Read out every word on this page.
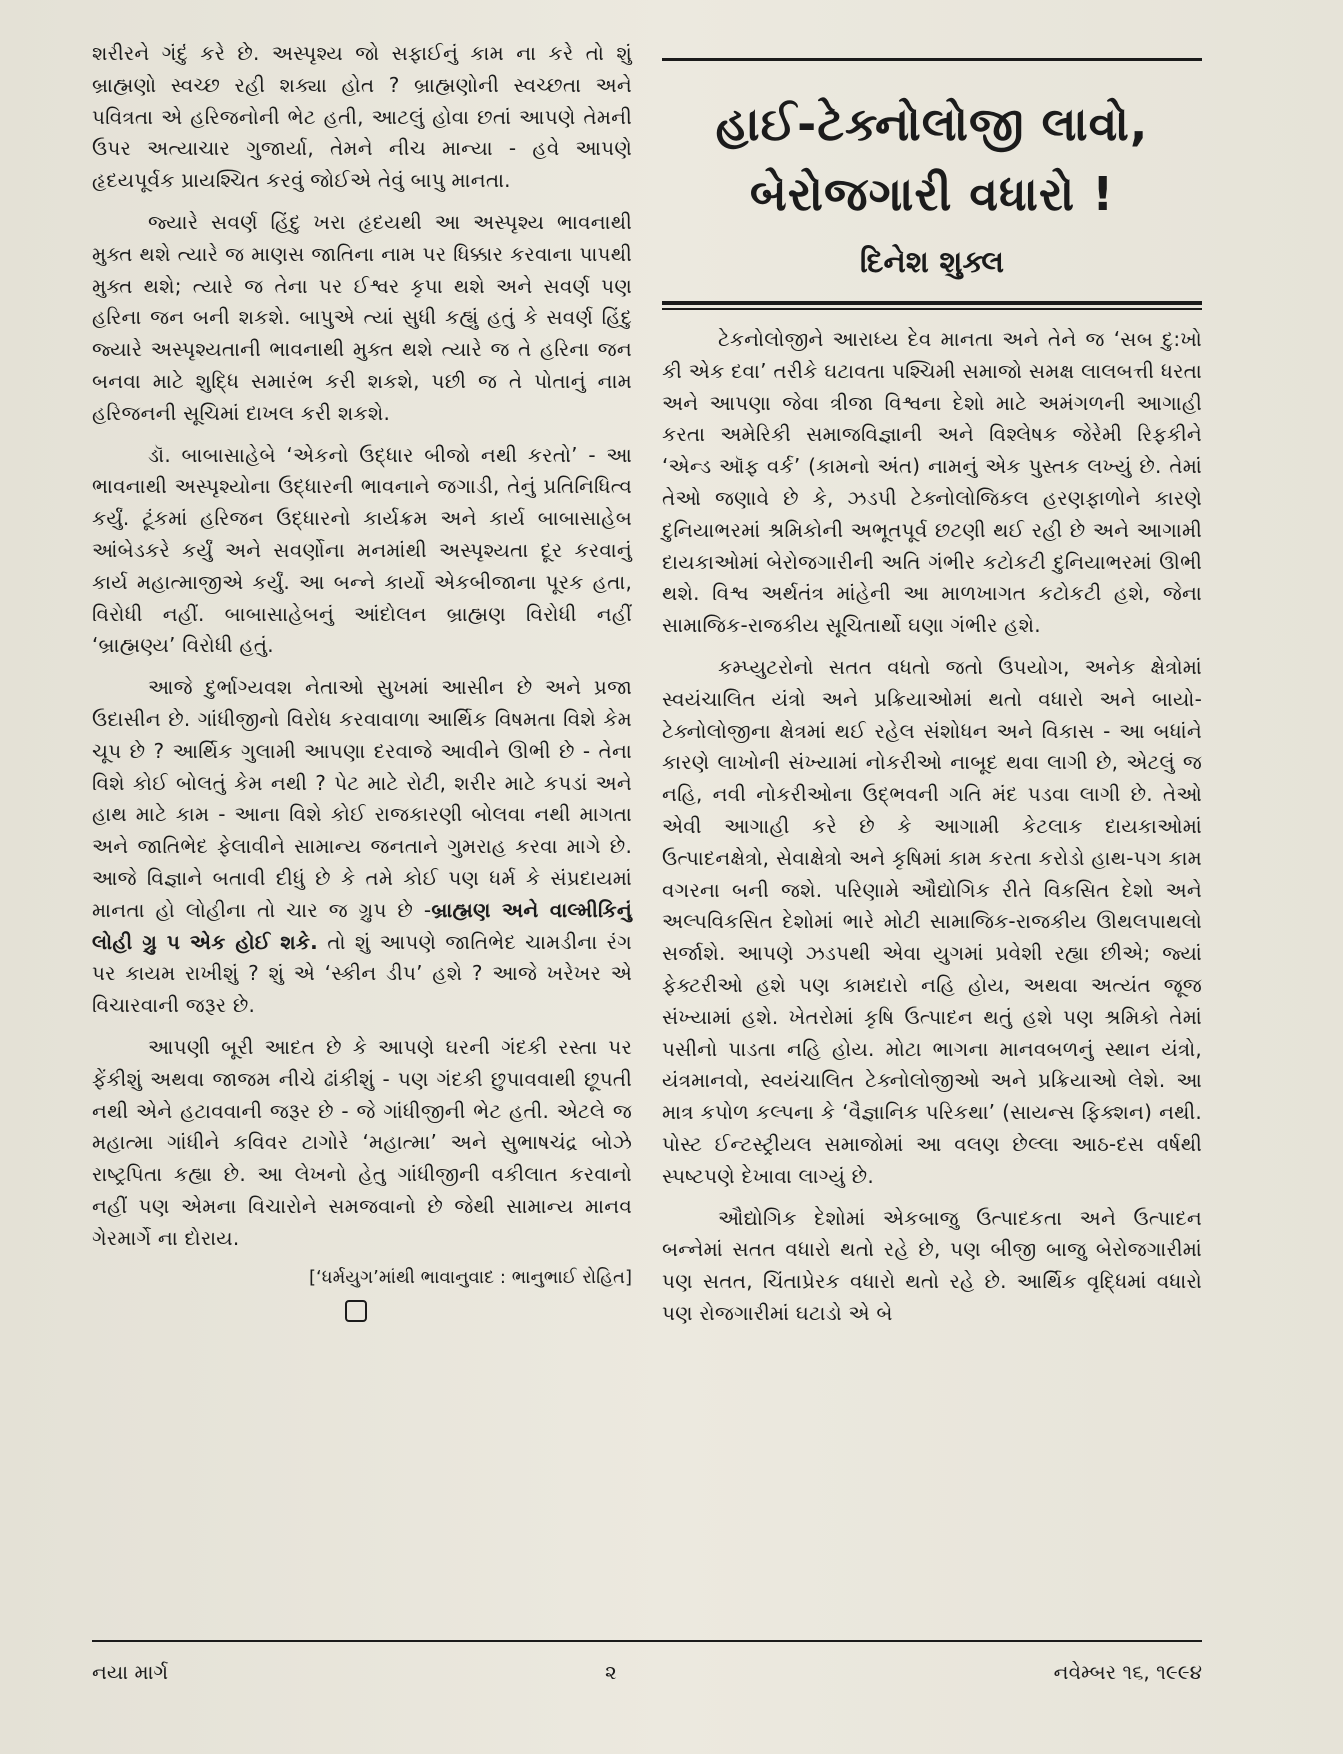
શરીરને ગંદું કરે છે. અસ્પૃશ્ય જો સફાઈનું કામ ના કરે તો શું બ્રાહ્મણો સ્વચ્છ રહી શક્યા હોત ? બ્રાહ્મણોની સ્વચ્છતા અને પવિત્રતા એ હરિજનોની ભેટ હતી, આટલું હોવા છતાં આપણે તેમની ઉપર અત્યાચાર ગુજાર્યા, તેમને નીચ માન્યા - હવે આપણે હૃદયપૂર્વક પ્રાયશ્ચિત કરવું જોઈએ તેવું બાપુ માનતા.

જ્યારે સવર્ણ હિંદુ ખરા હૃદયથી આ અસ્પૃશ્ય ભાવનાથી મુક્ત થશે ત્યારે જ માણસ જાતિના નામ પર ધિક્કાર કરવાના પાપથી મુક્ત થશે; ત્યારે જ તેના પર ઈશ્વર કૃપા થશે અને સવર્ણ પણ હરિના જન બની શકશે. બાપુએ ત્યાં સુધી કહ્યું હતું કે સવર્ણ હિંદુ જ્યારે અસ્પૃશ્યતાની ભાવનાથી મુક્ત થશે ત્યારે જ તે હરિના જન બનવા માટે શુદ્ધિ સમારંભ કરી શકશે, પછી જ તે પોતાનું નામ હરિજનની સૂચિમાં દાખલ કરી શકશે.

ડૉ. બાબાસાહેબે ‘એકનો ઉદ્ધાર બીજો નથી કરતો’ - આ ભાવનાથી અસ્પૃશ્યોના ઉદ્ધારની ભાવનાને જગાડી, તેનું પ્રતિનિધિત્વ કર્યું. ટૂંકમાં હરિજન ઉદ્ધારનો કાર્યક્રમ અને કાર્ય બાબાસાહેબ આંબેડકરે કર્યું અને સવર્ણોના મનમાંથી અસ્પૃશ્યતા દૂર કરવાનું કાર્ય મહાત્માજીએ કર્યું. આ બન્ને કાર્યો એકબીજાના પૂરક હતા, વિરોધી નહીં. બાબાસાહેબનું આંદોલન બ્રાહ્મણ વિરોધી નહીં ‘બ્રાહ્મણ્ય’ વિરોધી હતું.

આજે દુર્ભાગ્યવશ નેતાઓ સુખમાં આસીન છે અને પ્રજા ઉદાસીન છે. ગાંધીજીનો વિરોધ કરવાવાળા આર્થિક વિષમતા વિશે કેમ ચૂપ છે ? આર્થિક ગુલામી આપણા દરવાજે આવીને ઊભી છે - તેના વિશે કોઈ બોલતું કેમ નથી ? પેટ માટે રોટી, શરીર માટે કપડાં અને હાથ માટે કામ - આના વિશે કોઈ રાજકારણી બોલવા નથી માગતા અને જાતિભેદ ફેલાવીને સામાન્ય જનતાને ગુમરાહ કરવા માગે છે. આજે વિજ્ઞાને બતાવી દીધું છે કે તમે કોઈ પણ ધર્મ કે સંપ્રદાયમાં માનતા હો લોહીના તો ચાર જ ગ્રુપ છે -બ્રાહ્મણ અને વાલ્મીકિનું લોહી ગ્રુ પ એક હોઈ શકે. તો શું આપણે જાતિભેદ ચામડીના રંગ પર કાયમ રાખીશું ? શું એ ‘સ્કીન ડીપ’ હશે ? આજે ખરેખર એ વિચારવાની જરૂર છે.

આપણી બૂરી આદત છે કે આપણે ઘરની ગંદકી રસ્તા પર ફેંકીશું અથવા જાજમ નીચે ઢાંકીશું - પણ ગંદકી છુપાવવાથી છૂપતી નથી એને હટાવવાની જરૂર છે - જે ગાંધીજીની ભેટ હતી. એટલે જ મહાત્મા ગાંધીને કવિવર ટાગોરે ‘મહાત્મા’ અને સુભાષચંદ્ર બોઝે રાષ્ટ્રપિતા કહ્યા છે. આ લેખનો હેતુ ગાંધીજીની વકીલાત કરવાનો નહીં પણ એમના વિચારોને સમજવાનો છે જેથી સામાન્ય માનવ ગેરમાર્ગે ના દોરાય.

[‘ધર્મયુગ’માંથી ભાવાનુવાદ : ભાનુભાઈ રોહિત]
હાઈ-ટેક્નોલોજી લાવો,
બેરોજગારી વધારો !
દિનેશ શુક્લ

ટેકનોલોજીને આરાધ્ય દેવ માનતા અને તેને જ ‘સબ દુ:ખો કી એક દવા’ તરીકે ઘટાવતા પશ્ચિમી સમાજો સમક્ષ લાલબત્તી ધરતા અને આપણા જેવા ત્રીજા વિશ્વના દેશો માટે અમંગળની આગાહી કરતા અમેરિકી સમાજવિજ્ઞાની અને વિશ્લેષક જેરેમી રિફકીને ‘એન્ડ ઑફ વર્ક’ (કામનો અંત) નામનું એક પુસ્તક લખ્યું છે. તેમાં તેઓ જણાવે છે કે, ઝડપી ટેક્નોલોજિકલ હરણફાળોને કારણે દુનિયાભરમાં શ્રમિકોની અભૂતપૂર્વ છટણી થઈ રહી છે અને આગામી દાયકાઓમાં બેરોજગારીની અતિ ગંભીર કટોકટી દુનિયાભરમાં ઊભી થશે. વિશ્વ અર્થતંત્ર માંહેની આ માળખાગત કટોકટી હશે, જેના સામાજિક-રાજકીય સૂચિતાર્થો ઘણા ગંભીર હશે.

કમ્પ્યુટરોનો સતત વધતો જતો ઉપયોગ, અનેક ક્ષેત્રોમાં સ્વયંચાલિત યંત્રો અને પ્રક્રિયાઓમાં થતો વધારો અને બાયો-ટેક્નોલોજીના ક્ષેત્રમાં થઈ રહેલ સંશોધન અને વિકાસ - આ બધાંને કારણે લાખોની સંખ્યામાં નોકરીઓ નાબૂદ થવા લાગી છે, એટલું જ નહિ, નવી નોકરીઓના ઉદ્ભવની ગતિ મંદ પડવા લાગી છે. તેઓ એવી આગાહી કરે છે કે આગામી કેટલાક દાયકાઓમાં ઉત્પાદનક્ષેત્રો, સેવાક્ષેત્રો અને કૃષિમાં કામ કરતા કરોડો હાથ-પગ કામ વગરના બની જશે. પરિણામે ઔદ્યોગિક રીતે વિકસિત દેશો અને અલ્પવિકસિત દેશોમાં ભારે મોટી સામાજિક-રાજકીય ઊથલપાથલો સર્જાશે. આપણે ઝડપથી એવા યુગમાં પ્રવેશી રહ્યા છીએ; જ્યાં ફેક્ટરીઓ હશે પણ કામદારો નહિ હોય, અથવા અત્યંત જૂજ સંખ્યામાં હશે. ખેતરોમાં કૃષિ ઉત્પાદન થતું હશે પણ શ્રમિકો તેમાં પસીનો પાડતા નહિ હોય. મોટા ભાગના માનવબળનું સ્થાન યંત્રો, યંત્રમાનવો, સ્વયંચાલિત ટેક્નોલોજીઓ અને પ્રક્રિયાઓ લેશે. આ માત્ર કપોળ કલ્પના કે ‘વૈજ્ઞાનિક પરિકથા’ (સાયન્સ ફિક્શન) નથી. પોસ્ટ ઈન્ટસ્ટ્રીયલ સમાજોમાં આ વલણ છેલ્લા આઠ-દસ વર્ષથી સ્પષ્ટપણે દેખાવા લાગ્યું છે.

ઔદ્યોગિક દેશોમાં એકબાજુ ઉત્પાદકતા અને ઉત્પાદન બન્નેમાં સતત વધારો થતો રહે છે, પણ બીજી બાજુ બેરોજગારીમાં પણ સતત, ચિંતાપ્રેરક વધારો થતો રહે છે. આર્થિક વૃદ્ધિમાં વધારો પણ રોજગારીમાં ઘટાડો એ બે

નયા માર્ગ	૨	નવેમ્બર ૧૬, ૧૯૯૪
